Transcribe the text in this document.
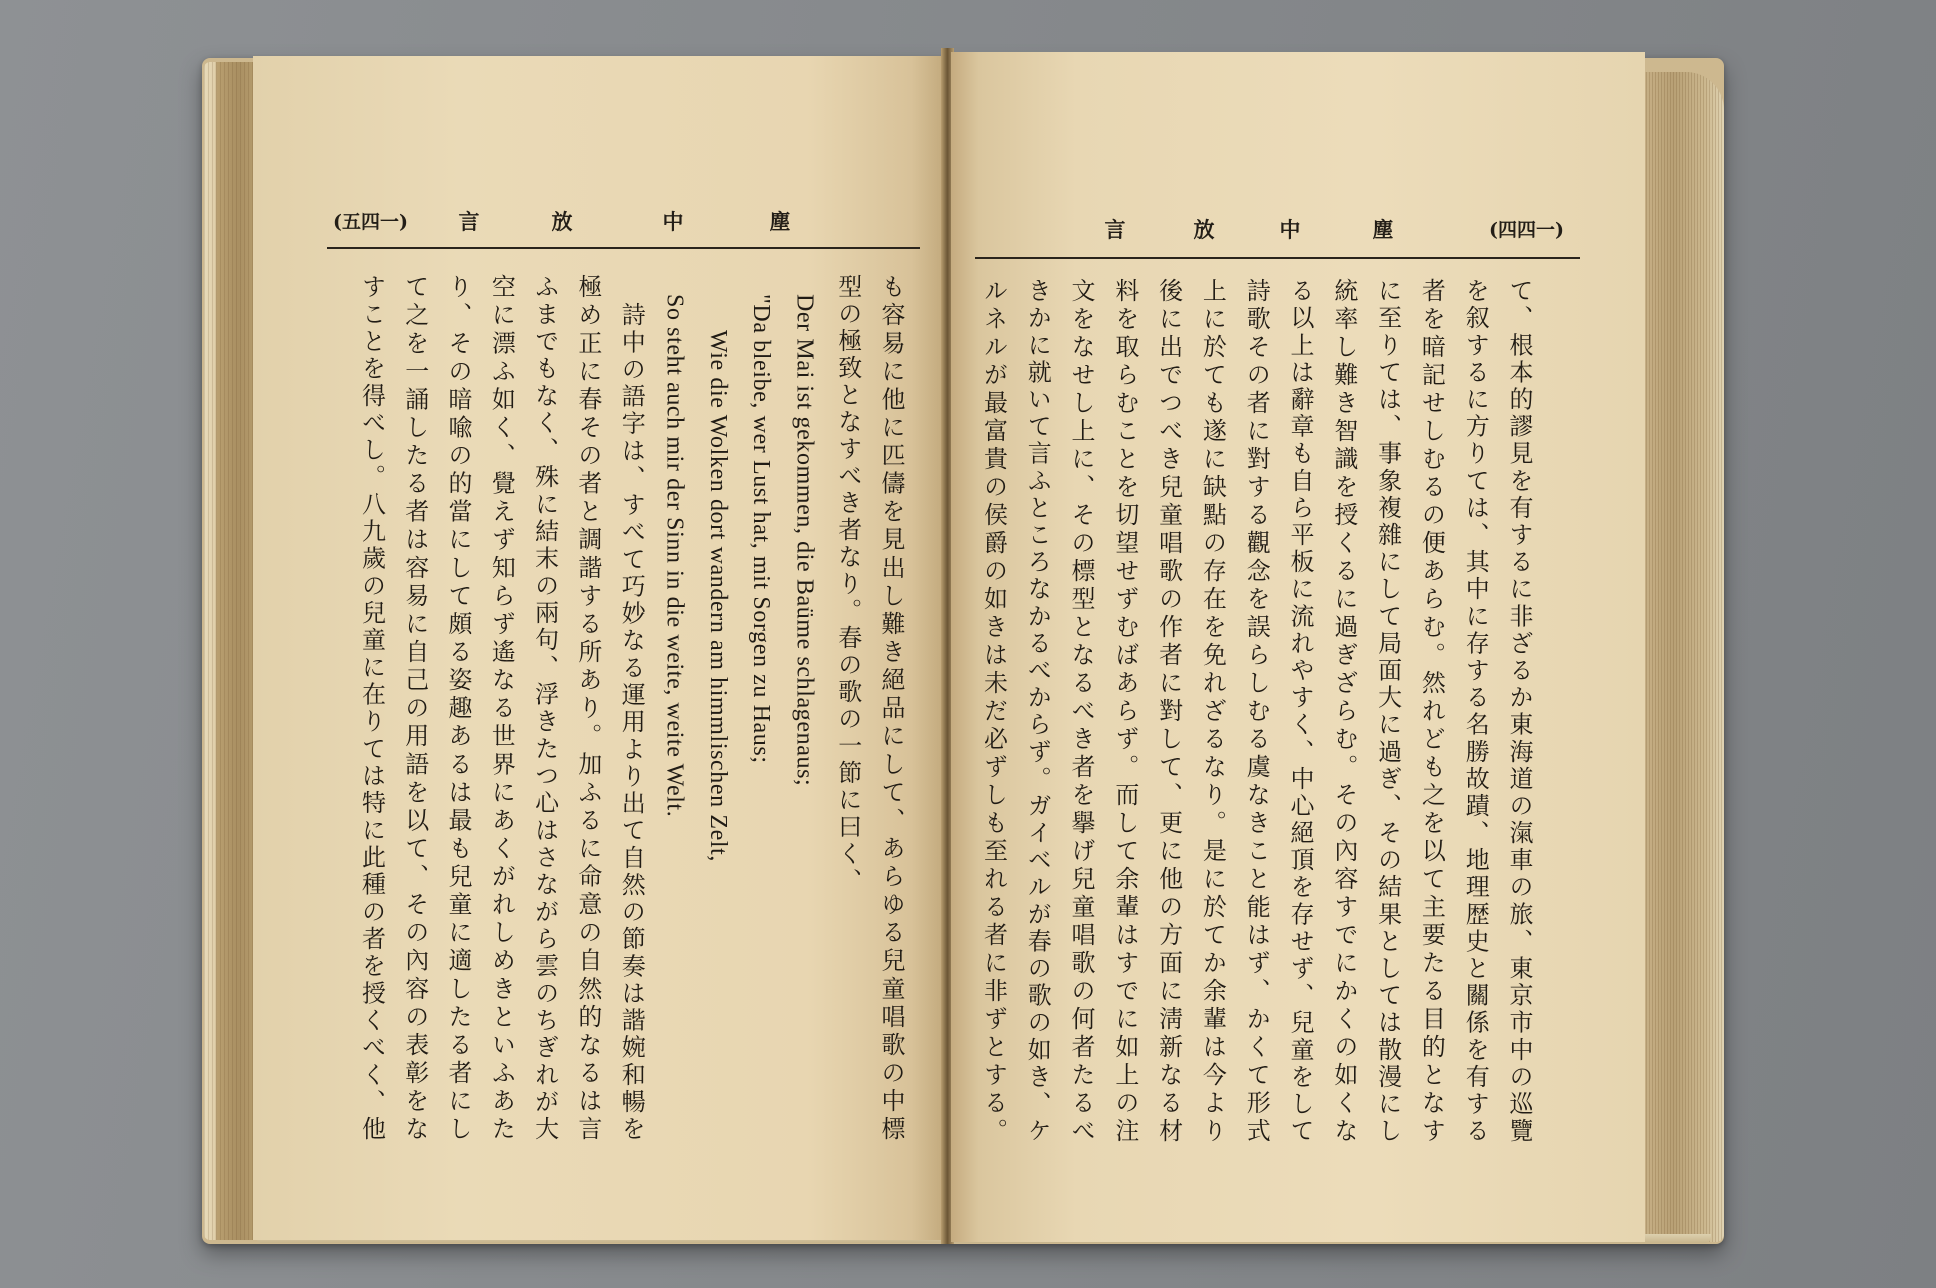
(五四一) 言	放	中	塵
も容易に他に匹儔を見出し難き絕品にして、あらゆる兒童唱歌の中標
型の極致となすべき者なり。春の歌の一節に曰く、
Der Mai ist gekommen, die Baüme schlagenaus;
"Da bleibe, wer Lust hat, mit Sorgen zu Haus;
Wie die Wolken dort wandern am himmlischen Zelt,
So steht auch mir der Sinn in die weite, weite Welt.
詩中の語字は、すべて巧妙なる運用より出て自然の節奏は諧婉和暢を
極め正に春その者と調諧する所あり。加ふるに命意の自然的なるは言
ふまでもなく、殊に結末の兩句、浮きたつ心はさながら雲のちぎれが大
空に漂ふ如く、覺えず知らず遙なる世界にあくがれしめきといふあた
り、その暗喩の的當にして頗る姿趣あるは最も兒童に適したる者にし
て之を一誦したる者は容易に自己の用語を以て、その內容の表彰をな
すことを得べし。八九歲の兒童に在りては特に此種の者を授くべく、他
言	放	中	塵	(四四一)
て、根本的謬見を有するに非ざるか東海道の滊車の旅、東京市中の巡覽
を叙するに方りては、其中に存する名勝故蹟、地理歴史と關係を有する
者を暗記せしむるの便あらむ。然れども之を以て主要たる目的となす
に至りては、事象複雜にして局面大に過ぎ、その結果としては散漫にし
統率し難き智識を授くるに過ぎざらむ。その內容すでにかくの如くな
る以上は辭章も自ら平板に流れやすく、中心絕頂を存せず、兒童をして
詩歌その者に對する觀念を誤らしむる虞なきこと能はず、かくて形式
上に於ても遂に缺點の存在を免れざるなり。是に於てか余輩は今より
後に出でつべき兒童唱歌の作者に對して、更に他の方面に淸新なる材
料を取らむことを切望せずむばあらず。而して余輩はすでに如上の注
文をなせし上に、その標型となるべき者を擧げ兒童唱歌の何者たるべ
きかに就いて言ふところなかるべからず。ガイベルが春の歌の如き、ケ
ルネルが最富貴の侯爵の如きは未だ必ずしも至れる者に非ずとする。
